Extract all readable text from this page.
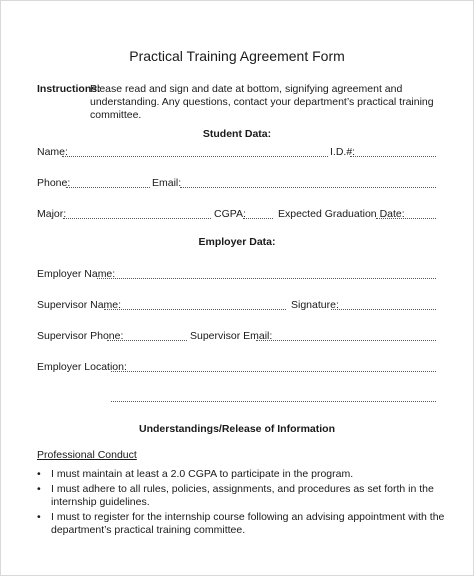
Practical Training Agreement Form
Instructions:
Please read and sign and date at bottom, signifying agreement and understanding. Any questions, contact your department’s practical training committee.
Student Data:
Name:	I.D.#:
Phone:	Email:
Major:	CGPA:	Expected Graduation Date:
Employer Data:
Employer Name:
Supervisor Name:	Signature:
Supervisor Phone:	Supervisor Email:
Employer Location:
Understandings/Release of Information
Professional Conduct
• I must maintain at least a 2.0 CGPA to participate in the program.
• I must adhere to all rules, policies, assignments, and procedures as set forth in the internship guidelines.
• I must to register for the internship course following an advising appointment with the department’s practical training committee.
